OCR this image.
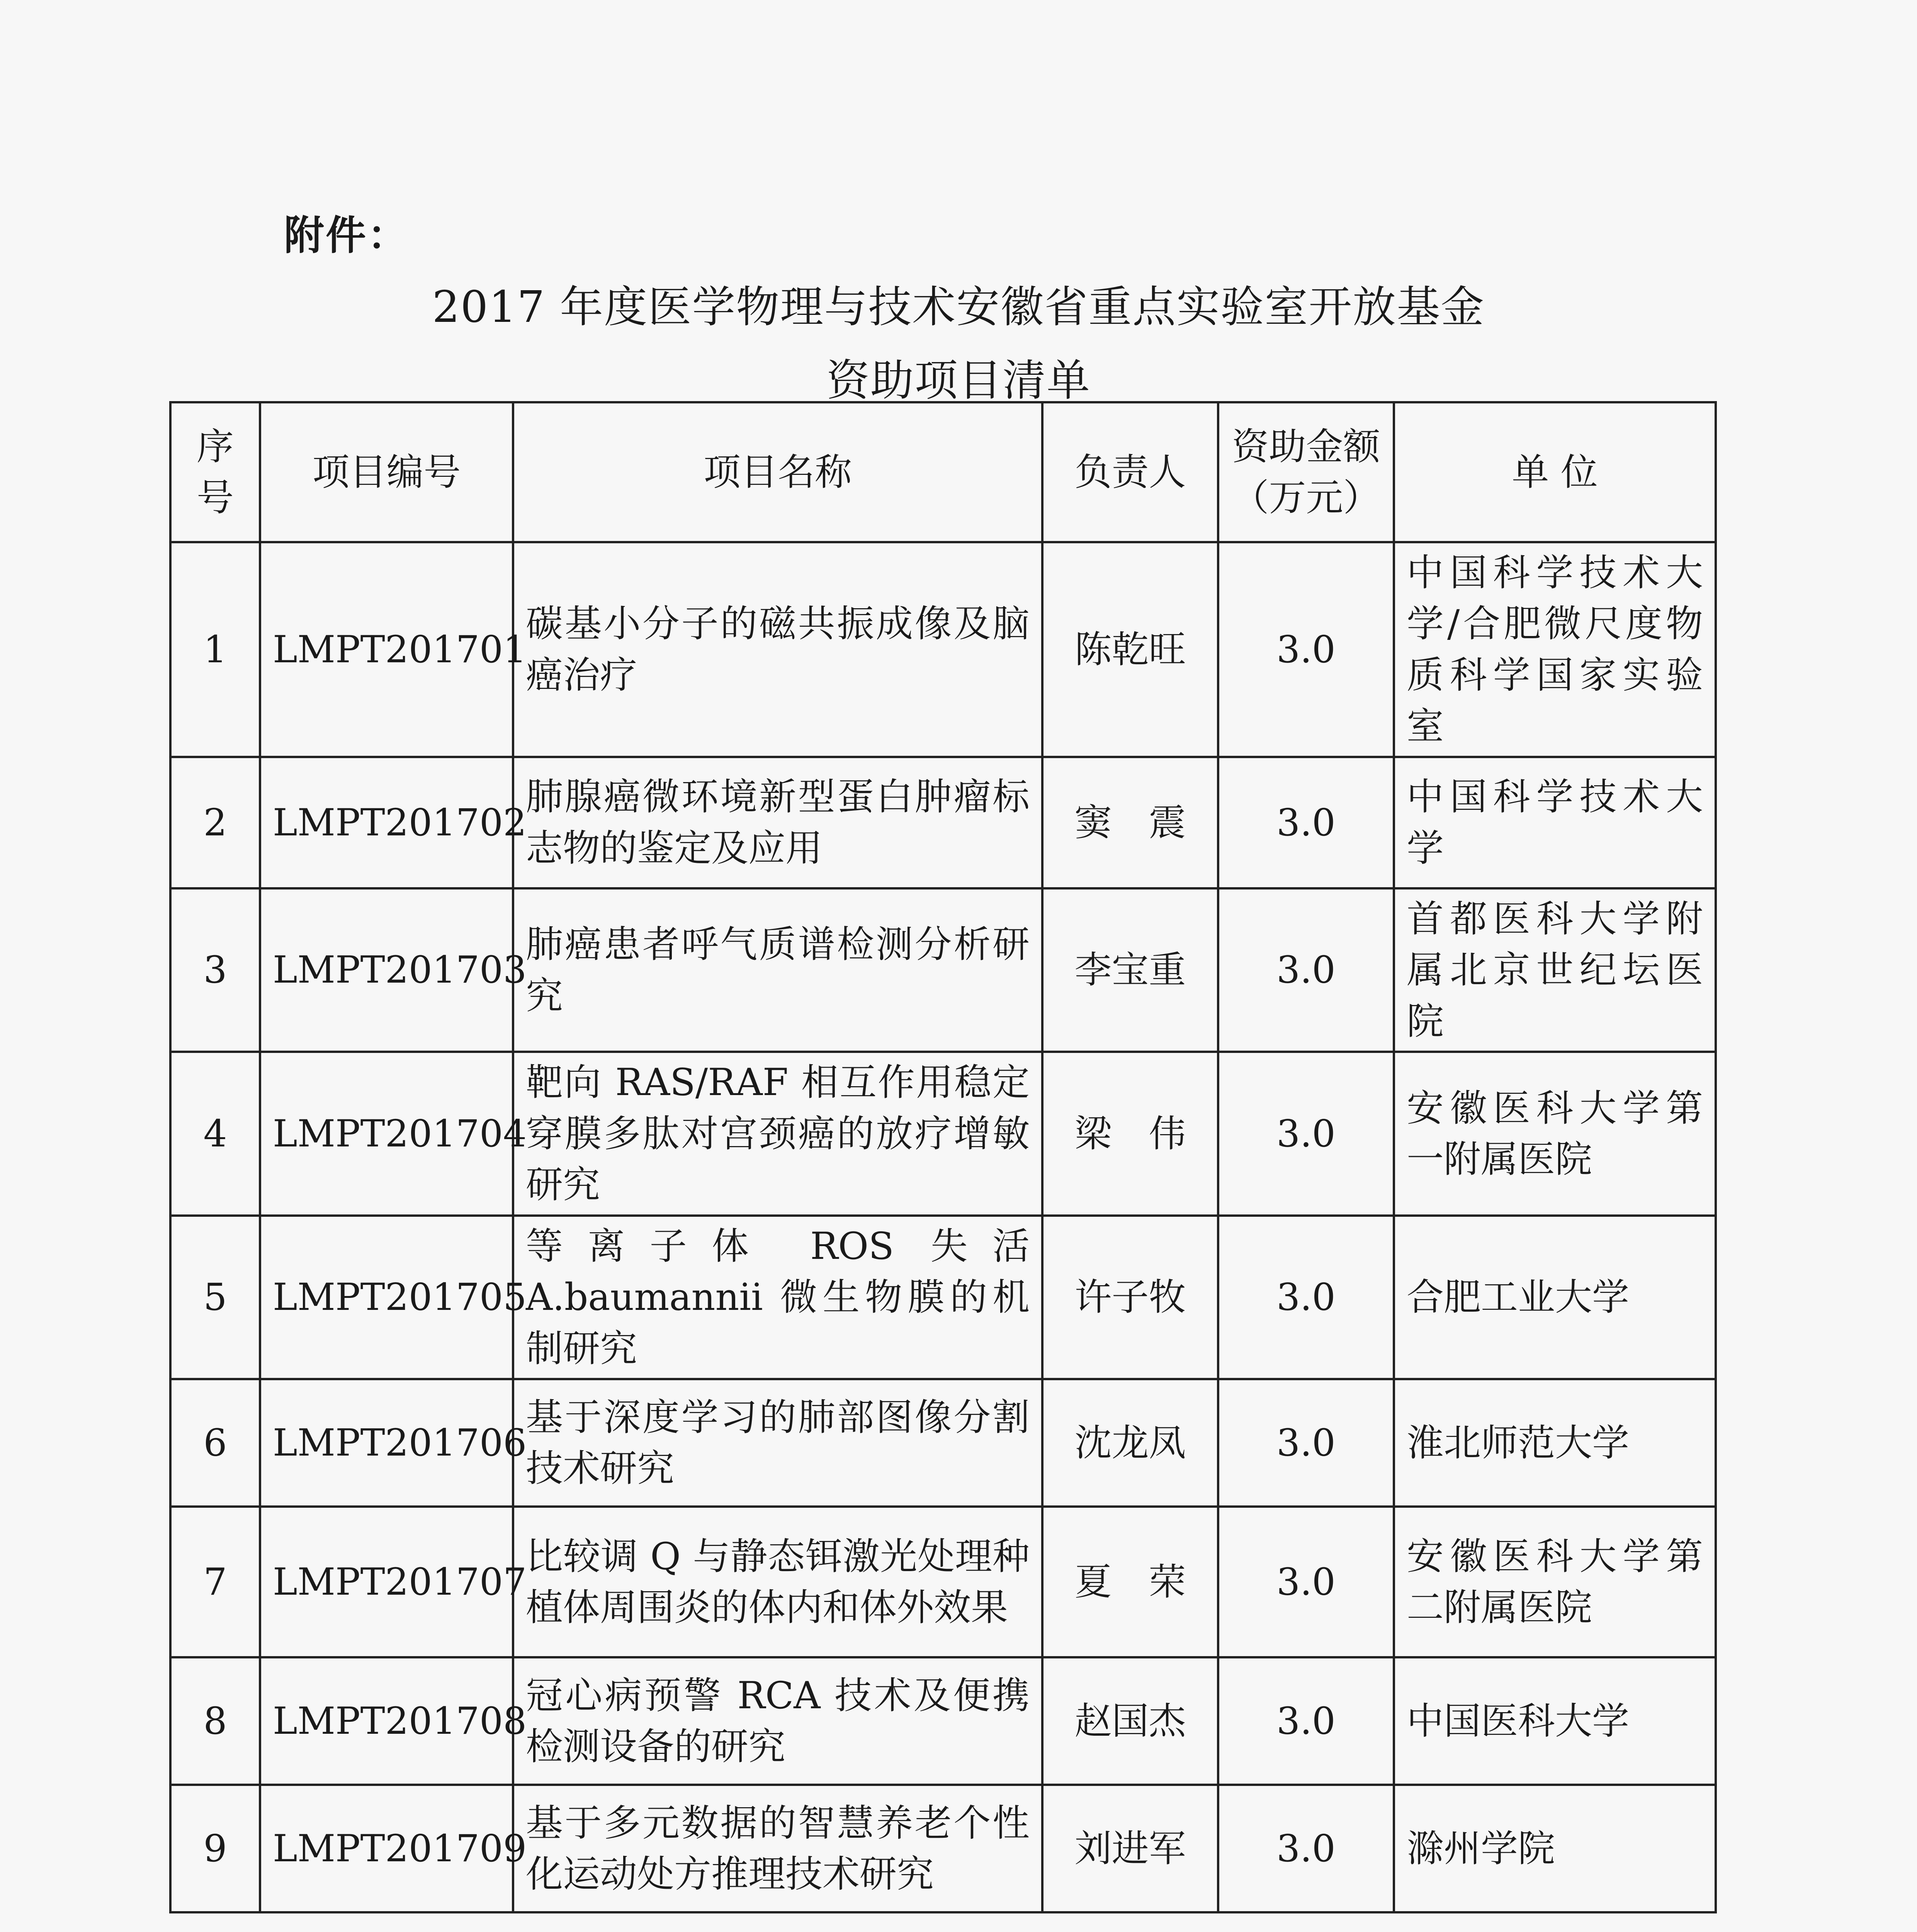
附件：
2017 年度医学物理与技术安徽省重点实验室开放基金
资助项目清单
序号	项目编号	项目名称	负责人	资助金额（万元）	单 位
1	LMPT201701	碳基小分子的磁共振成像及脑癌治疗	陈乾旺	3.0	中国科学技术大学/合肥微尺度物质科学国家实验室
2	LMPT201702	肺腺癌微环境新型蛋白肿瘤标志物的鉴定及应用	窦　震	3.0	中国科学技术大学
3	LMPT201703	肺癌患者呼气质谱检测分析研究	李宝重	3.0	首都医科大学附属北京世纪坛医院
4	LMPT201704	靶向 RAS/RAF 相互作用稳定穿膜多肽对宫颈癌的放疗增敏研究	梁　伟	3.0	安徽医科大学第一附属医院
5	LMPT201705	等离子体 ROS 失活 A.baumannii 微生物膜的机制研究	许子牧	3.0	合肥工业大学
6	LMPT201706	基于深度学习的肺部图像分割技术研究	沈龙凤	3.0	淮北师范大学
7	LMPT201707	比较调 Q 与静态铒激光处理种植体周围炎的体内和体外效果	夏　荣	3.0	安徽医科大学第二附属医院
8	LMPT201708	冠心病预警 RCA 技术及便携检测设备的研究	赵国杰	3.0	中国医科大学
9	LMPT201709	基于多元数据的智慧养老个性化运动处方推理技术研究	刘进军	3.0	滁州学院
